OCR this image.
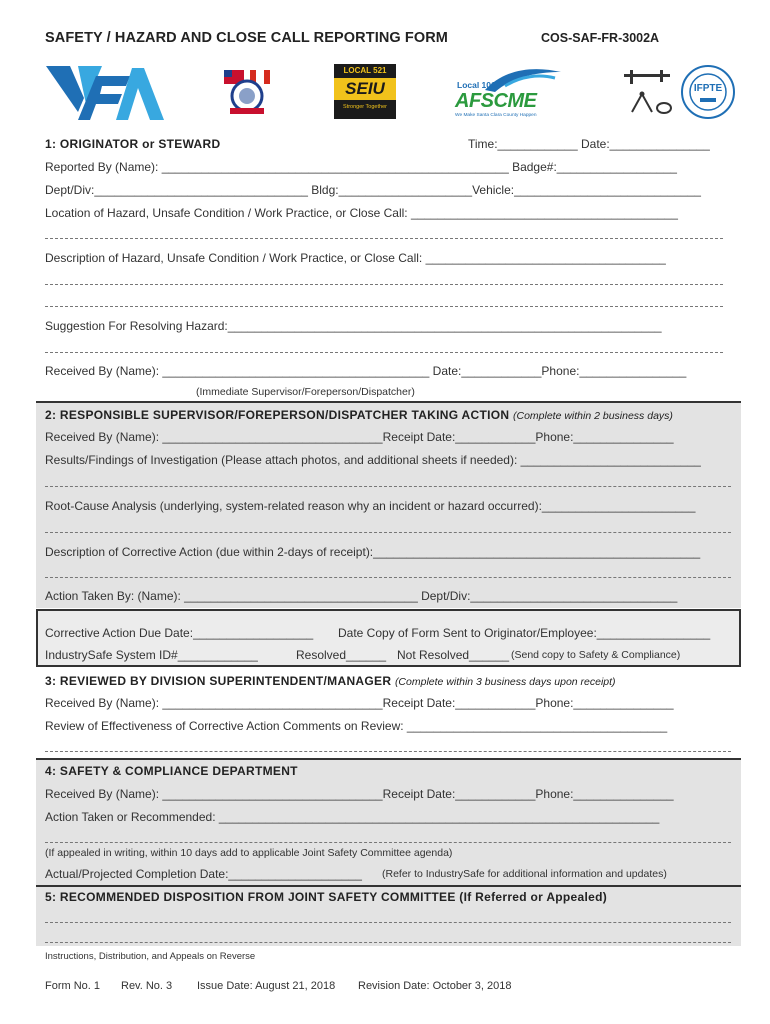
SAFETY / HAZARD AND CLOSE CALL REPORTING FORM	COS-SAF-FR-3002A
LOCAL 521
SEIU
Stronger Together
Local 101
AFSCME
We Make Santa Clara County Happen
IFPTE
1: ORIGINATOR or STEWARD	Time:____________ Date:_______________
Reported By (Name): ____________________________________________________ Badge#:__________________
Dept/Div:________________________________ Bldg:____________________Vehicle:____________________________
Location of Hazard, Unsafe Condition / Work Practice, or Close Call: ________________________________________
Description of Hazard, Unsafe Condition / Work Practice, or Close Call: ____________________________________
Suggestion For Resolving Hazard:_________________________________________________________________
Received By (Name): ________________________________________ Date:____________Phone:________________
(Immediate Supervisor/Foreperson/Dispatcher)
2: RESPONSIBLE SUPERVISOR/FOREPERSON/DISPATCHER TAKING ACTION (Complete within 2 business days)
Received By (Name): _________________________________Receipt Date:____________Phone:_______________
Results/Findings of Investigation (Please attach photos, and additional sheets if needed): ___________________________
Root-Cause Analysis (underlying, system-related reason why an incident or hazard occurred):_______________________
Description of Corrective Action (due within 2-days of receipt):_________________________________________________
Action Taken By: (Name): ___________________________________ Dept/Div:_______________________________
Corrective Action Due Date:__________________ Date Copy of Form Sent to Originator/Employee:_________________
IndustrySafe System ID#____________	Resolved______ Not Resolved______ (Send copy to Safety & Compliance)
3: REVIEWED BY DIVISION SUPERINTENDENT/MANAGER (Complete within 3 business days upon receipt)
Received By (Name): _________________________________Receipt Date:____________Phone:_______________
Review of Effectiveness of Corrective Action Comments on Review: _______________________________________
4: SAFETY & COMPLIANCE DEPARTMENT
Received By (Name): _________________________________Receipt Date:____________Phone:_______________
Action Taken or Recommended: __________________________________________________________________
(If appealed in writing, within 10 days add to applicable Joint Safety Committee agenda)
Actual/Projected Completion Date:____________________ (Refer to IndustrySafe for additional information and updates)
5: RECOMMENDED DISPOSITION FROM JOINT SAFETY COMMITTEE (If Referred or Appealed)
Instructions, Distribution, and Appeals on Reverse
Form No. 1 Rev. No. 3 Issue Date: August 21, 2018 Revision Date: October 3, 2018
